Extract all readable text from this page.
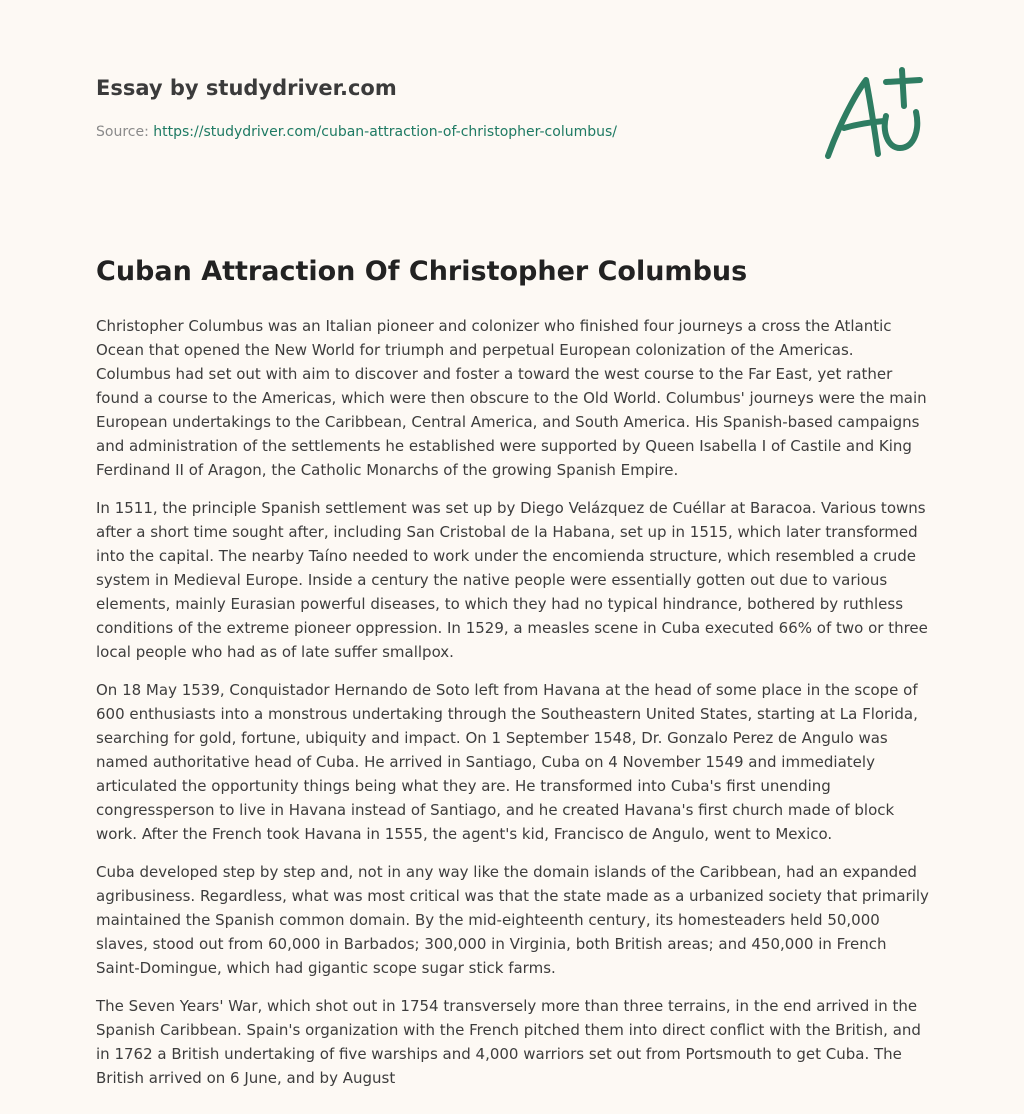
Essay by studydriver.com
Source: https://studydriver.com/cuban-attraction-of-christopher-columbus/
Cuban Attraction Of Christopher Columbus

Christopher Columbus was an Italian pioneer and colonizer who finished four journeys a cross the Atlantic Ocean that opened the New World for triumph and perpetual European colonization of the Americas. Columbus had set out with aim to discover and foster a toward the west course to the Far East, yet rather found a course to the Americas, which were then obscure to the Old World. Columbus' journeys were the main European undertakings to the Caribbean, Central America, and South America. His Spanish-based campaigns and administration of the settlements he established were supported by Queen Isabella I of Castile and King Ferdinand II of Aragon, the Catholic Monarchs of the growing Spanish Empire.

In 1511, the principle Spanish settlement was set up by Diego Velázquez de Cuéllar at Baracoa. Various towns after a short time sought after, including San Cristobal de la Habana, set up in 1515, which later transformed into the capital. The nearby Taíno needed to work under the encomienda structure, which resembled a crude system in Medieval Europe. Inside a century the native people were essentially gotten out due to various elements, mainly Eurasian powerful diseases, to which they had no typical hindrance, bothered by ruthless conditions of the extreme pioneer oppression. In 1529, a measles scene in Cuba executed 66% of two or three local people who had as of late suffer smallpox.

On 18 May 1539, Conquistador Hernando de Soto left from Havana at the head of some place in the scope of 600 enthusiasts into a monstrous undertaking through the Southeastern United States, starting at La Florida, searching for gold, fortune, ubiquity and impact. On 1 September 1548, Dr. Gonzalo Perez de Angulo was named authoritative head of Cuba. He arrived in Santiago, Cuba on 4 November 1549 and immediately articulated the opportunity things being what they are. He transformed into Cuba's first unending congressperson to live in Havana instead of Santiago, and he created Havana's first church made of block work. After the French took Havana in 1555, the agent's kid, Francisco de Angulo, went to Mexico.

Cuba developed step by step and, not in any way like the domain islands of the Caribbean, had an expanded agribusiness. Regardless, what was most critical was that the state made as a urbanized society that primarily maintained the Spanish common domain. By the mid-eighteenth century, its homesteaders held 50,000 slaves, stood out from 60,000 in Barbados; 300,000 in Virginia, both British areas; and 450,000 in French Saint-Domingue, which had gigantic scope sugar stick farms.

The Seven Years' War, which shot out in 1754 transversely more than three terrains, in the end arrived in the Spanish Caribbean. Spain's organization with the French pitched them into direct conflict with the British, and in 1762 a British undertaking of five warships and 4,000 warriors set out from Portsmouth to get Cuba. The British arrived on 6 June, and by August
